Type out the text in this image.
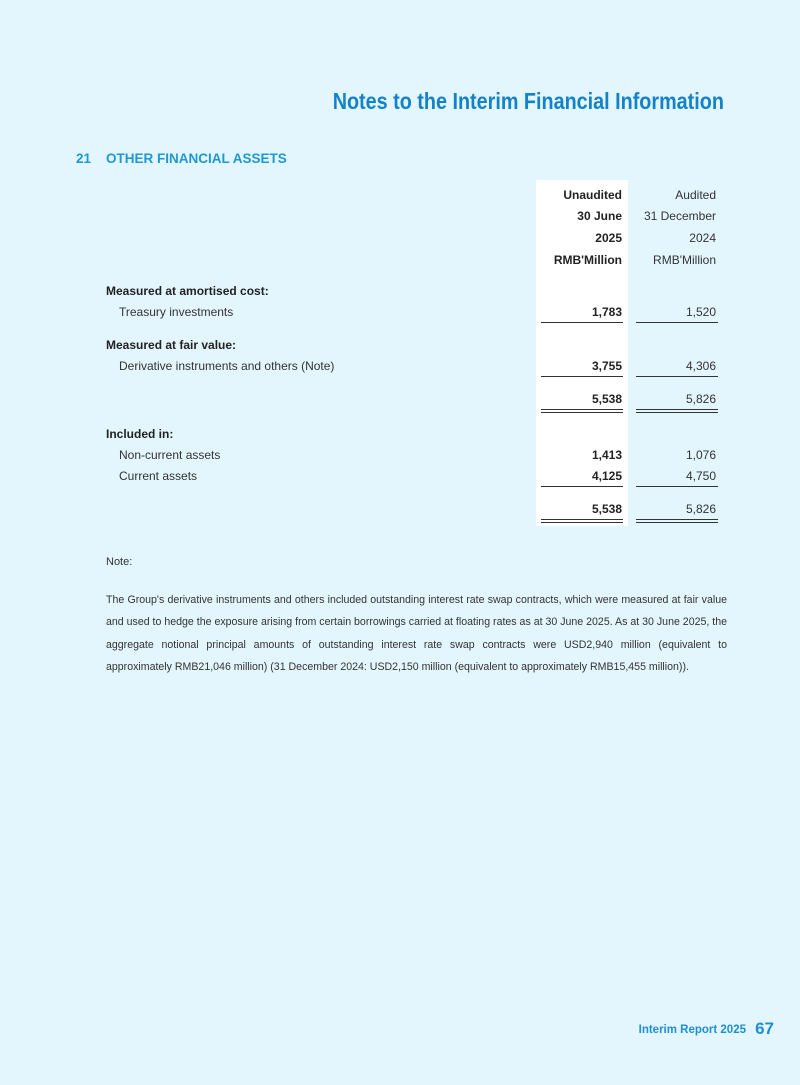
Notes to the Interim Financial Information
21 OTHER FINANCIAL ASSETS
Unaudited	Audited
30 June 31 December
2025	2024
RMB'Million	RMB'Million
Measured at amortised cost:
Treasury investments	1,783	1,520
Measured at fair value:
Derivative instruments and others (Note)	3,755	4,306
5,538	5,826
Included in:
Non-current assets	1,413	1,076
Current assets	4,125	4,750
5,538	5,826
Note:
The Group's derivative instruments and others included outstanding interest rate swap contracts, which were measured at fair value and used to hedge the exposure arising from certain borrowings carried at floating rates as at 30 June 2025. As at 30 June 2025, the aggregate notional principal amounts of outstanding interest rate swap contracts were USD2,940 million (equivalent to approximately RMB21,046 million) (31 December 2024: USD2,150 million (equivalent to approximately RMB15,455 million)).
Interim Report 2025 67
